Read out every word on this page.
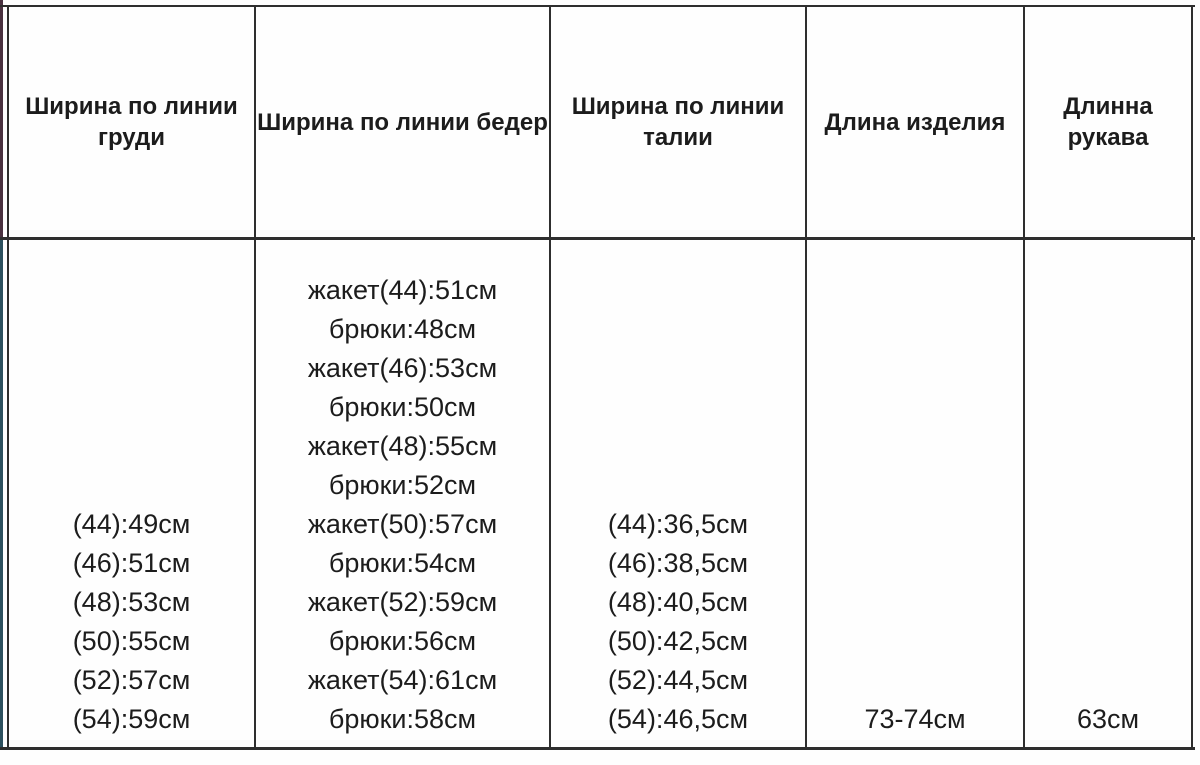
Ширина по линии груди
Ширина по линии бедер
Ширина по линии талии
Длина изделия
Длинна рукава
(44):49см
(46):51см
(48):53см
(50):55см
(52):57см
(54):59см
жакет(44):51см
брюки:48см
жакет(46):53см
брюки:50см
жакет(48):55см
брюки:52см
жакет(50):57см
брюки:54см
жакет(52):59см
брюки:56см
жакет(54):61см
брюки:58см
(44):36,5см
(46):38,5см
(48):40,5см
(50):42,5см
(52):44,5см
(54):46,5см	73-74см	63см
